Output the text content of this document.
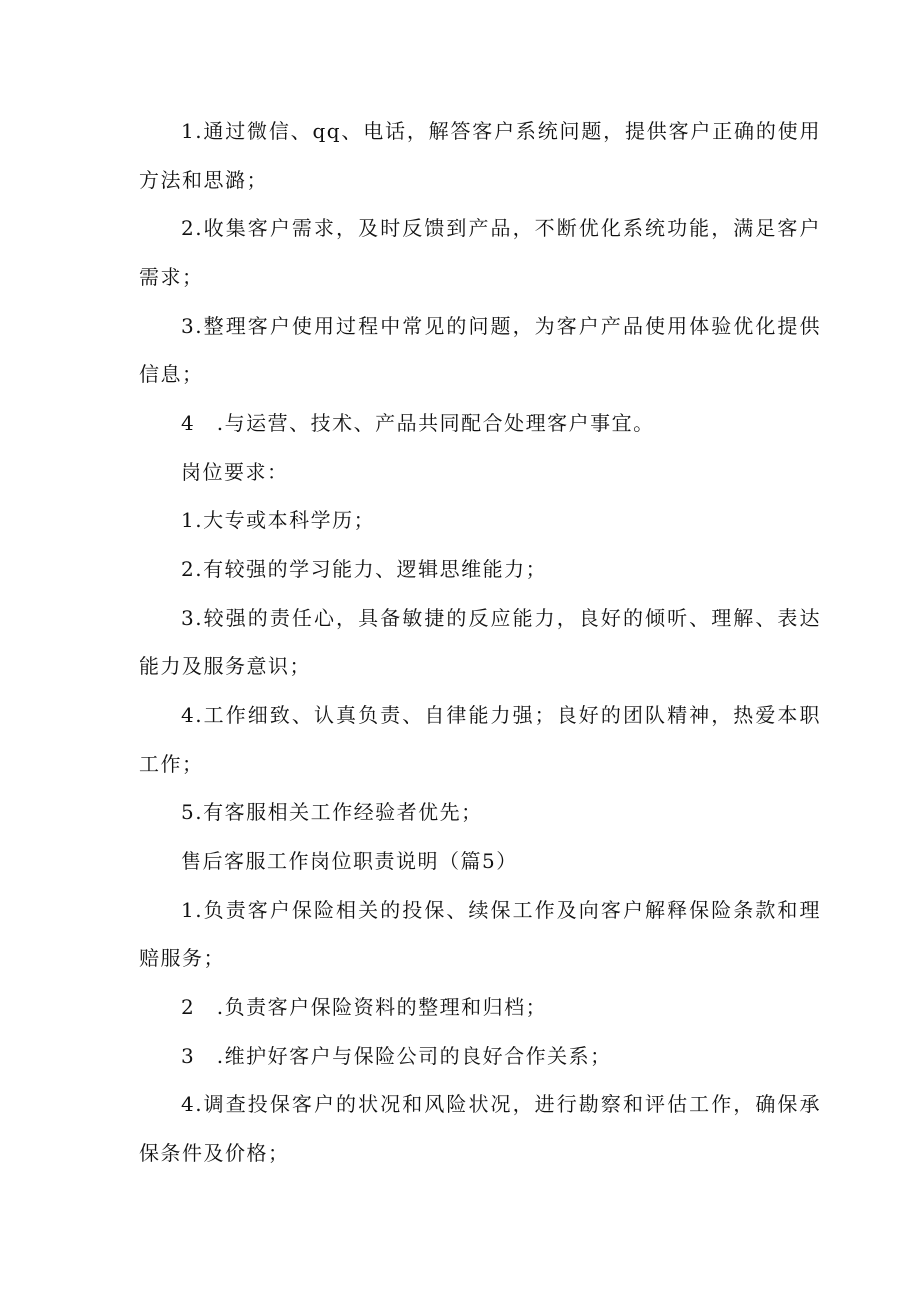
1.通过微信、qq、电话，解答客户系统问题，提供客户正确的使用
方法和思潞；
2.收集客户需求，及时反馈到产品，不断优化系统功能，满足客户
需求；
3.整理客户使用过程中常见的问题，为客户产品使用体验优化提供
信息；
4　.与运营、技术、产品共同配合处理客户事宜。
岗位要求：
1.大专或本科学历；
2.有较强的学习能力、逻辑思维能力；
3.较强的责任心，具备敏捷的反应能力，良好的倾听、理解、表达
能力及服务意识；
4.工作细致、认真负责、自律能力强；良好的团队精神，热爱本职
工作；
5.有客服相关工作经验者优先；
售后客服工作岗位职责说明（篇5）
1.负责客户保险相关的投保、续保工作及向客户解释保险条款和理
赔服务；
2　.负责客户保险资料的整理和归档；
3　.维护好客户与保险公司的良好合作关系；
4.调查投保客户的状况和风险状况，进行勘察和评估工作，确保承
保条件及价格；
